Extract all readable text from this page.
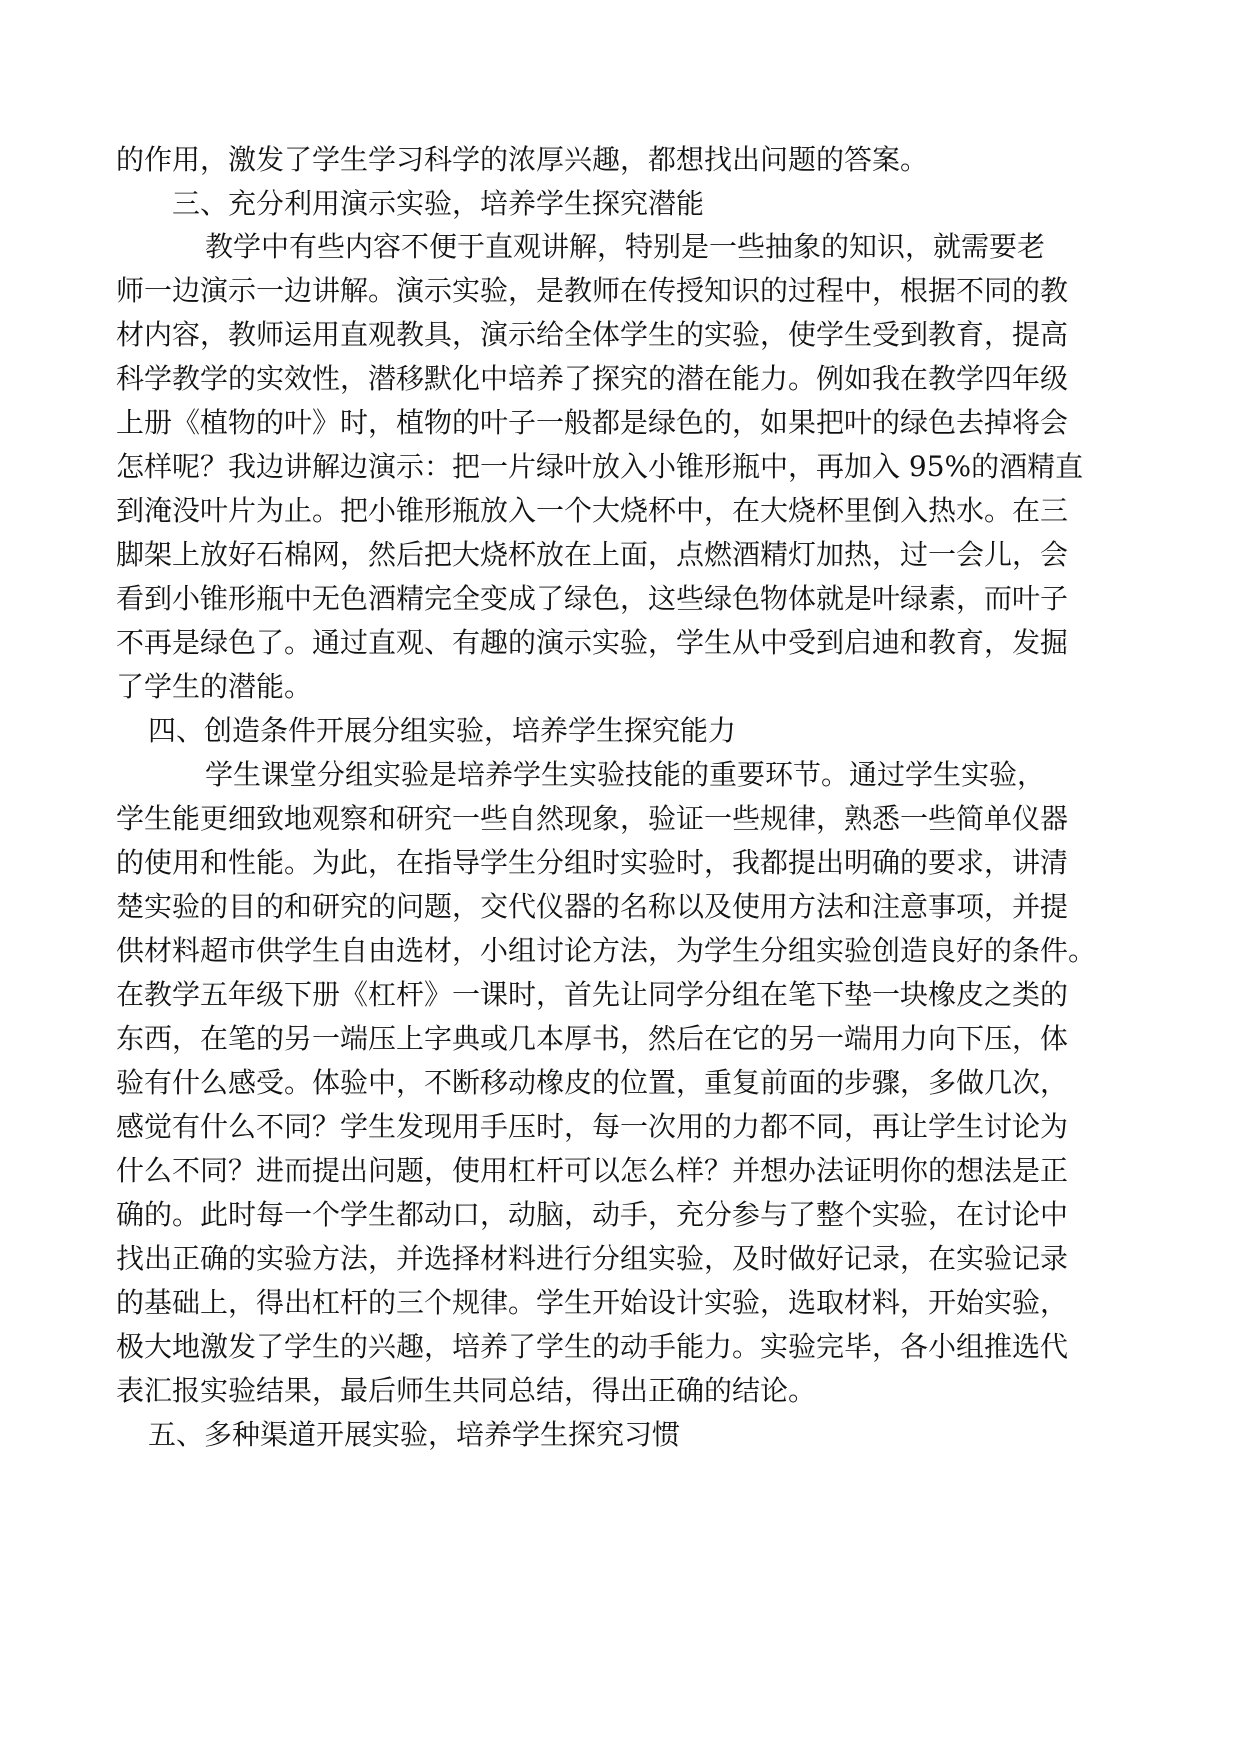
的作用，激发了学生学习科学的浓厚兴趣，都想找出问题的答案。
三、充分利用演示实验，培养学生探究潜能
教学中有些内容不便于直观讲解，特别是一些抽象的知识，就需要老
师一边演示一边讲解。演示实验，是教师在传授知识的过程中，根据不同的教
材内容，教师运用直观教具，演示给全体学生的实验，使学生受到教育，提高
科学教学的实效性，潜移默化中培养了探究的潜在能力。例如我在教学四年级
上册《植物的叶》时，植物的叶子一般都是绿色的，如果把叶的绿色去掉将会
怎样呢？我边讲解边演示：把一片绿叶放入小锥形瓶中，再加入 95%的酒精直
到淹没叶片为止。把小锥形瓶放入一个大烧杯中，在大烧杯里倒入热水。在三
脚架上放好石棉网，然后把大烧杯放在上面，点燃酒精灯加热，过一会儿，会
看到小锥形瓶中无色酒精完全变成了绿色，这些绿色物体就是叶绿素，而叶子
不再是绿色了。通过直观、有趣的演示实验，学生从中受到启迪和教育，发掘
了学生的潜能。
四、创造条件开展分组实验，培养学生探究能力
学生课堂分组实验是培养学生实验技能的重要环节。通过学生实验，
学生能更细致地观察和研究一些自然现象，验证一些规律，熟悉一些简单仪器
的使用和性能。为此，在指导学生分组时实验时，我都提出明确的要求，讲清
楚实验的目的和研究的问题，交代仪器的名称以及使用方法和注意事项，并提
供材料超市供学生自由选材，小组讨论方法，为学生分组实验创造良好的条件。
在教学五年级下册《杠杆》一课时，首先让同学分组在笔下垫一块橡皮之类的
东西，在笔的另一端压上字典或几本厚书，然后在它的另一端用力向下压，体
验有什么感受。体验中，不断移动橡皮的位置，重复前面的步骤，多做几次，
感觉有什么不同？学生发现用手压时，每一次用的力都不同，再让学生讨论为
什么不同？进而提出问题，使用杠杆可以怎么样？并想办法证明你的想法是正
确的。此时每一个学生都动口，动脑，动手，充分参与了整个实验，在讨论中
找出正确的实验方法，并选择材料进行分组实验，及时做好记录，在实验记录
的基础上，得出杠杆的三个规律。学生开始设计实验，选取材料，开始实验，
极大地激发了学生的兴趣，培养了学生的动手能力。实验完毕，各小组推选代
表汇报实验结果，最后师生共同总结，得出正确的结论。
五、多种渠道开展实验，培养学生探究习惯
